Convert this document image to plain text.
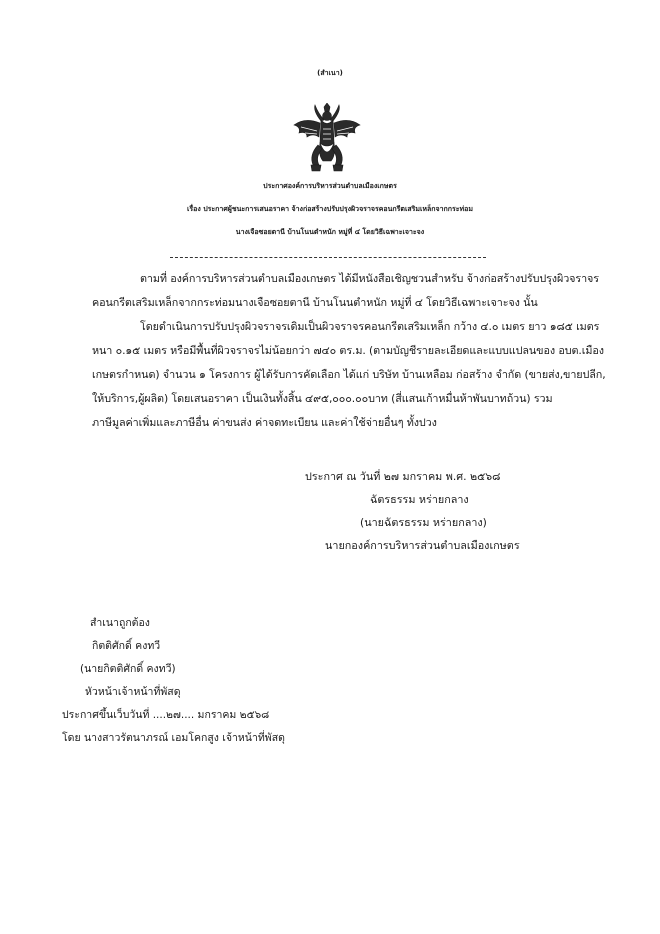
(สำเนา)
ประกาศองค์การบริหารส่วนตำบลเมืองเกษตร
เรื่อง ประกาศผู้ชนะการเสนอราคา จ้างก่อสร้างปรับปรุงผิวจราจรคอนกรีตเสริมเหล็กจากกระท่อม
นางเจือซอยตานี บ้านโนนตำหนัก หมู่ที่ ๔ โดยวิธีเฉพาะเจาะจง
ตามที่ องค์การบริหารส่วนตำบลเมืองเกษตร ได้มีหนังสือเชิญชวนสำหรับ จ้างก่อสร้างปรับปรุงผิวจราจร
คอนกรีตเสริมเหล็กจากกระท่อมนางเจือซอยตานี บ้านโนนตำหนัก หมู่ที่ ๔ โดยวิธีเฉพาะเจาะจง นั้น
โดยดำเนินการปรับปรุงผิวจราจรเดิมเป็นผิวจราจรคอนกรีตเสริมเหล็ก กว้าง ๔.๐ เมตร ยาว ๑๘๕ เมตร
หนา ๐.๑๕ เมตร หรือมีพื้นที่ผิวจราจรไม่น้อยกว่า ๗๔๐ ตร.ม. (ตามบัญชีรายละเอียดและแบบแปลนของ อบต.เมือง
เกษตรกำหนด) จำนวน ๑ โครงการ ผู้ได้รับการคัดเลือก ได้แก่ บริษัท บ้านเหลือม ก่อสร้าง จำกัด (ขายส่ง,ขายปลีก,
ให้บริการ,ผู้ผลิต) โดยเสนอราคา เป็นเงินทั้งสิ้น ๔๙๕,๐๐๐.๐๐บาท (สี่แสนเก้าหมื่นห้าพันบาทถ้วน) รวม
ภาษีมูลค่าเพิ่มและภาษีอื่น ค่าขนส่ง ค่าจดทะเบียน และค่าใช้จ่ายอื่นๆ ทั้งปวง
ประกาศ ณ วันที่ ๒๗ มกราคม พ.ศ. ๒๕๖๘
ฉัตรธรรม หร่ายกลาง
(นายฉัตรธรรม หร่ายกลาง)
นายกองค์การบริหารส่วนตำบลเมืองเกษตร
สำเนาถูกต้อง
กิตติศักดิ์ คงทวี
(นายกิตติศักดิ์ คงทวี)
หัวหน้าเจ้าหน้าที่พัสดุ
ประกาศขึ้นเว็บวันที่ ....๒๗.... มกราคม ๒๕๖๘
โดย นางสาวรัตนาภรณ์ เอมโคกสูง เจ้าหน้าที่พัสดุ
